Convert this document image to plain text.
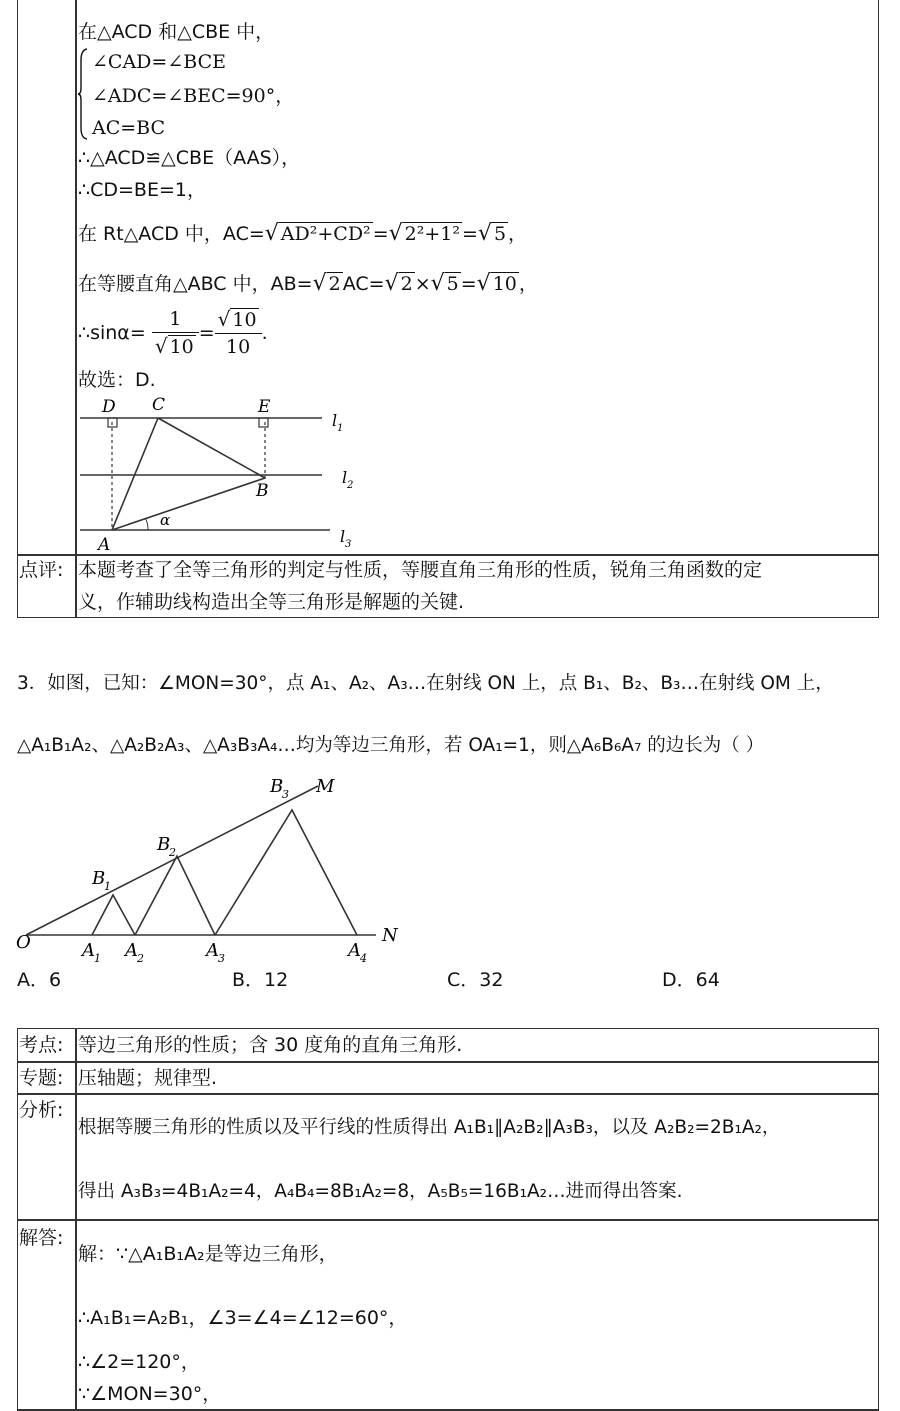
在△ACD 和△CBE 中，
∠CAD=∠BCE
∠ADC=∠BEC=90°，
AC=BC
∴△ACD≌△CBE（AAS），
∴CD=BE=1，
在 Rt△ACD 中，AC=√ AD²+CD² =√ 2²+1² =√ 5 ，
在等腰直角△ABC 中，AB=√ 2 AC=√ 2 ×√ 5 =√ 10 ，
∴sinα= $\frac{1}{√ 10} = \frac{√ 10}{10}$ .
故选：D.
D C	E
B
A
α
l 1
l 2
l 3
点评: 本题考查了全等三角形的判定与性质，等腰直角三角形的性质，锐角三角函数的定
义，作辅助线构造出全等三角形是解题的关键.
3．如图，已知：∠MON=30°，点 A₁、A₂、A₃…在射线 ON 上，点 B₁、B₂、B₃…在射线 OM 上，
△A₁B₁A₂、△A₂B₂A₃、△A₃B₃A₄…均为等边三角形，若 OA₁=1，则△A₆B₆A₇ 的边长为（ ）
O
M
N
A 1 A 2	A 3	A 4
B
1
B
2
B
3
A．6	B．12	C．32	D．64
考点: 等边三角形的性质；含 30 度角的直角三角形.
专题: 压轴题；规律型.
分析:
根据等腰三角形的性质以及平行线的性质得出 A₁B₁∥A₂B₂∥A₃B₃，以及 A₂B₂=2B₁A₂，
得出 A₃B₃=4B₁A₂=4，A₄B₄=8B₁A₂=8，A₅B₅=16B₁A₂…进而得出答案.
解答:
解：∵△A₁B₁A₂是等边三角形，
∴A₁B₁=A₂B₁，∠3=∠4=∠12=60°，
∴∠2=120°，
∵∠MON=30°，
